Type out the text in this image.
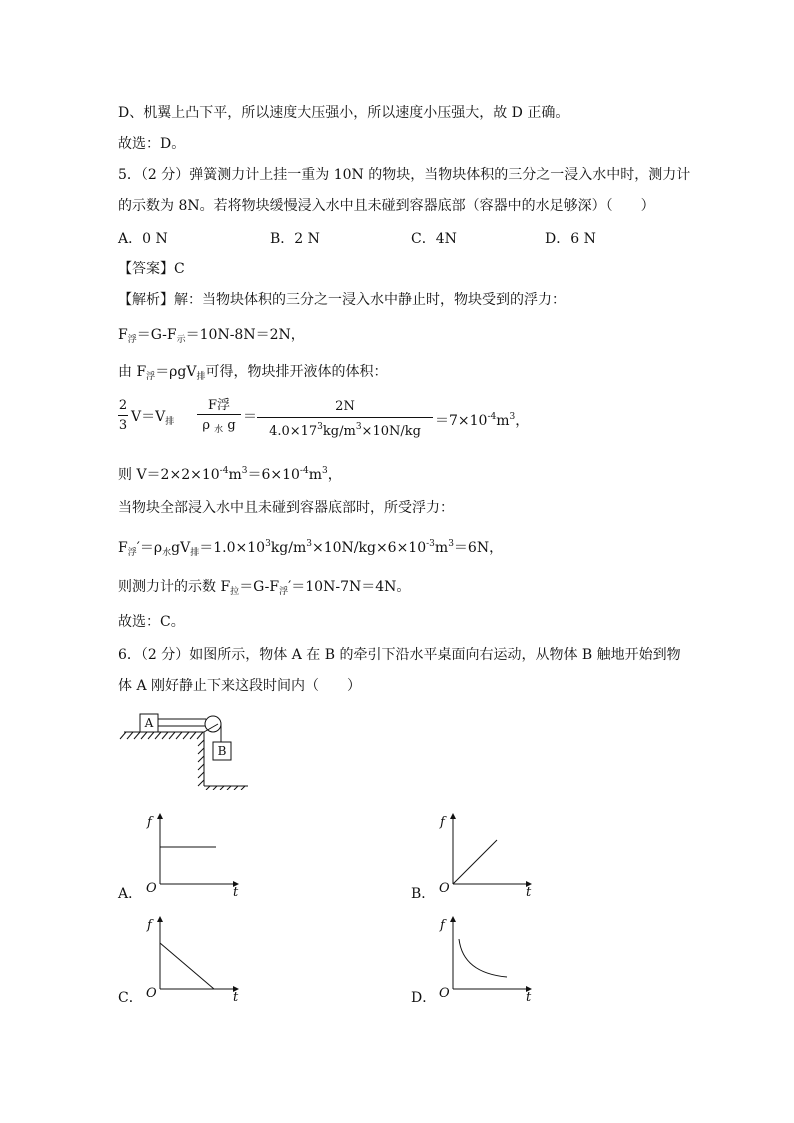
D、机翼上凸下平，所以速度大压强小，所以速度小压强大，故 D 正确。
故选：D。
5．（2 分）弹簧测力计上挂一重为 10N 的物块，当物块体积的三分之一浸入水中时，测力计
的示数为 8N。若将物块缓慢浸入水中且未碰到容器底部（容器中的水足够深）（　　）
A．0 N	B．2 N	C．4N	D．6 N
【答案】C
【解析】解：当物块体积的三分之一浸入水中静止时，物块受到的浮力：
$F_浮=G-F_示=10N-8N=2N$，
由 $F_浮=\rho gV_排$可得，物块排开液体的体积：
2
3
$V=V_排$
F浮
ρ $_水$ g
＝
2N
$4.0\times 17^3kg/m^3\times 10N/kg$
$=7\times 10^{-4}m^3$，
则 $V=2\times 2\times 10^{-4}m^3=6\times 10^{-4}m^3$，
当物块全部浸入水中且未碰到容器底部时，所受浮力：
$F_浮'=\rho_水gV_排=1.0\times 10^3kg/m^3\times 10N/kg\times 6\times 10^{-3}m^3=6N$，
则测力计的示数 $F_拉=G-F_浮'=10N-7N=4N$。
故选：C。
6．（2 分）如图所示，物体 A 在 B 的牵引下沿水平桌面向右运动，从物体 B 触地开始到物
体 A 刚好静止下来这段时间内（　　）
A
B
A．
f
t
O	B．
f
t
O
C．
f
t
O	D．
f
t
O
